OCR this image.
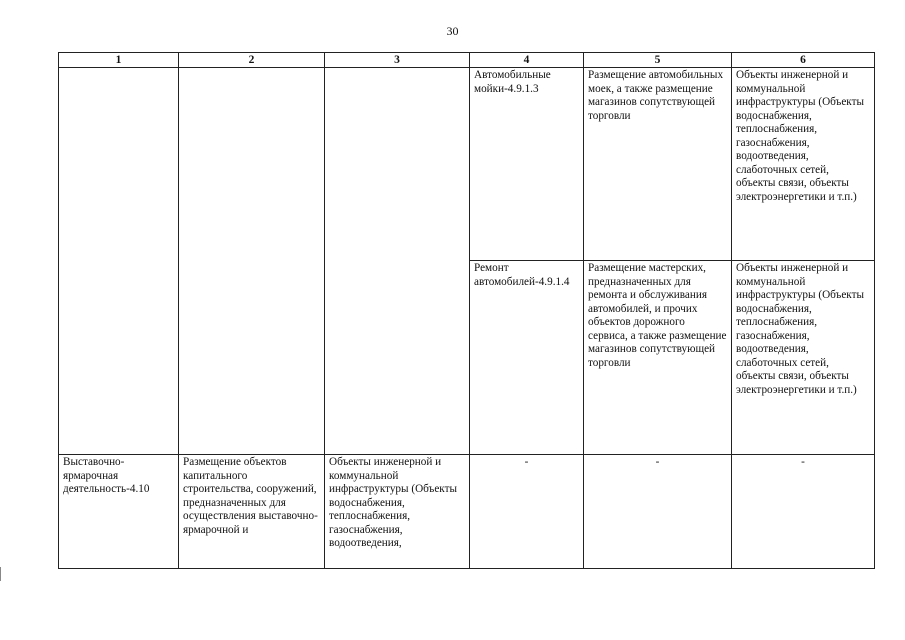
30
1	2	3	4	5	6
			Автомобильные мойки-4.9.1.3	Размещение автомобильных моек, а также размещение магазинов сопутствующей торговли	Объекты инженерной и коммунальной инфраструктуры (Объекты водоснабжения, теплоснабжения, газоснабжения, водоотведения, слаботочных сетей, объекты связи, объекты электроэнергетики и т.п.)
			Ремонт автомобилей-4.9.1.4	Размещение мастерских, предназначенных для ремонта и обслуживания автомобилей, и прочих объектов дорожного сервиса, а также размещение магазинов сопутствующей торговли	Объекты инженерной и коммунальной инфраструктуры (Объекты водоснабжения, теплоснабжения, газоснабжения, водоотведения, слаботочных сетей, объекты связи, объекты электроэнергетики и т.п.)
Выставочно-ярмарочная деятельность-4.10	Размещение объектов капитального строительства, сооружений, предназначенных для осуществления выставочно-ярмарочной и	Объекты инженерной и коммунальной инфраструктуры (Объекты водоснабжения, теплоснабжения, газоснабжения, водоотведения,	-	-	-
